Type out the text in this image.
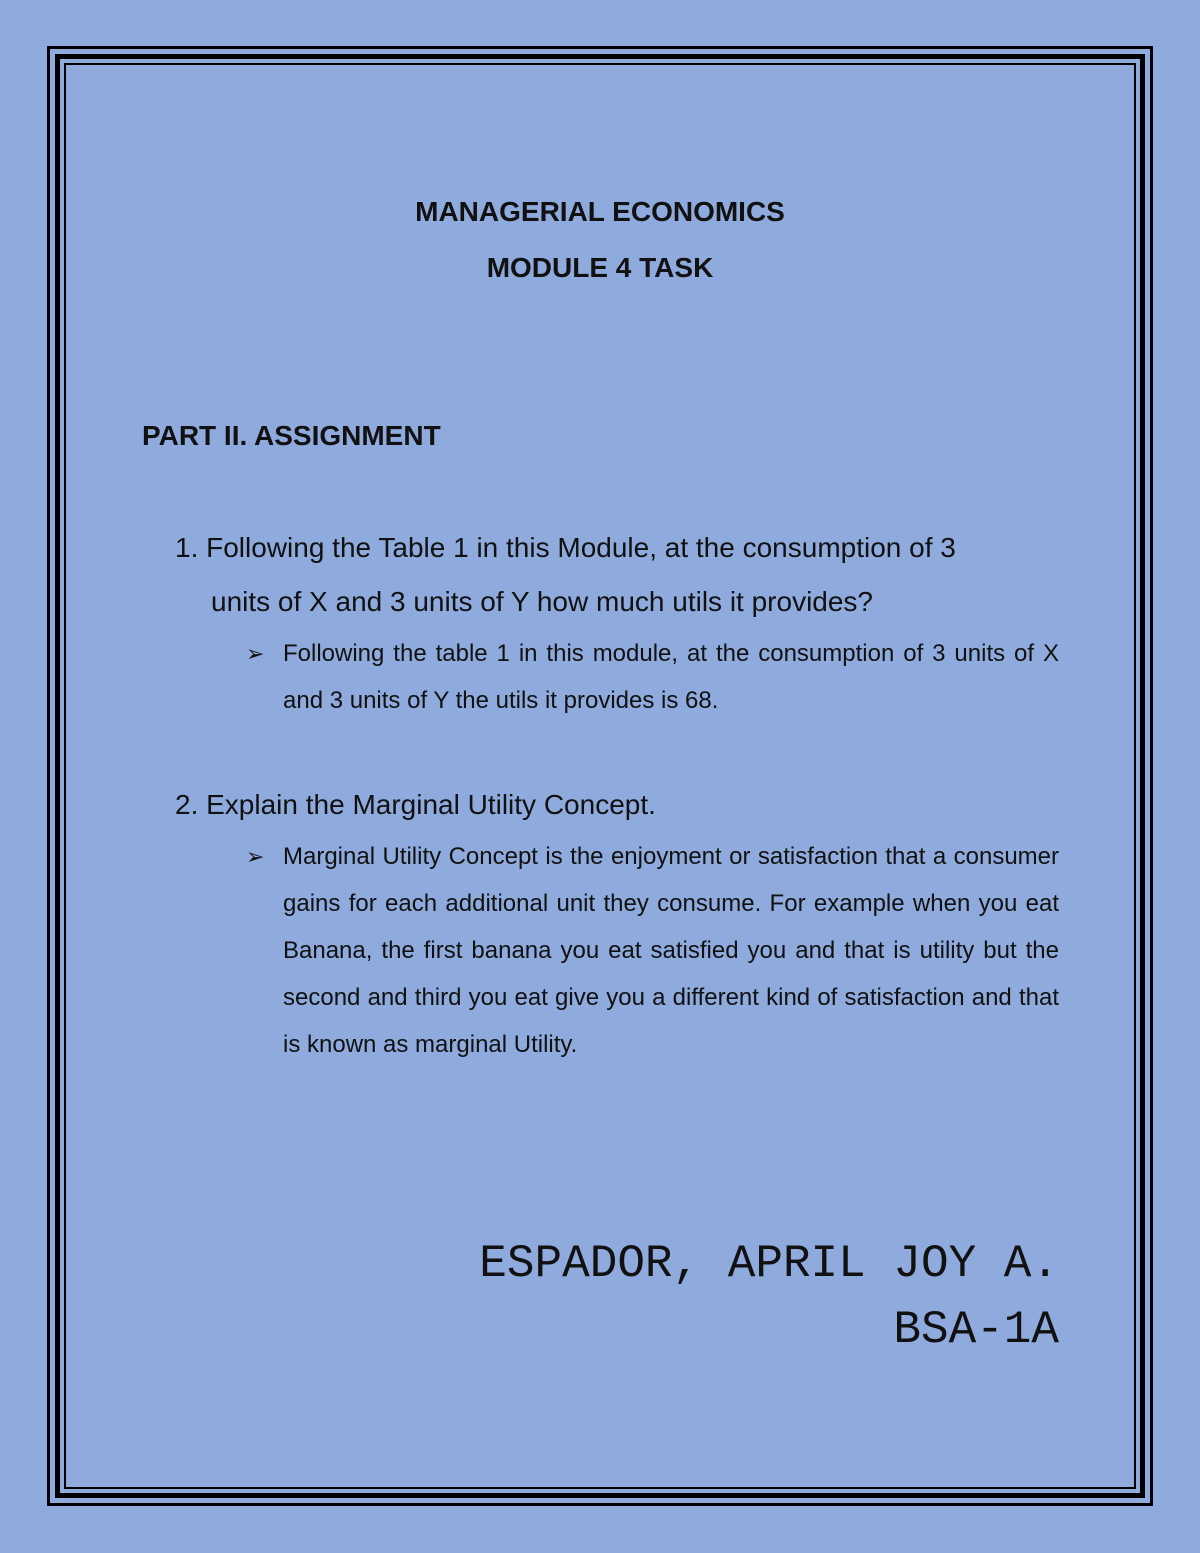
MANAGERIAL ECONOMICS
MODULE 4 TASK
PART II. ASSIGNMENT

1. Following the Table 1 in this Module, at the consumption of 3

units of X and 3 units of Y how much utils it provides?

➢ Following the table 1 in this module, at the consumption of 3 units of X and 3 units of Y the utils it provides is 68.

2. Explain the Marginal Utility Concept.

➢ Marginal Utility Concept is the enjoyment or satisfaction that a consumer gains for each additional unit they consume. For example when you eat Banana, the first banana you eat satisfied you and that is utility but the second and third you eat give you a different kind of satisfaction and that is known as marginal Utility.

ESPADOR, APRIL JOY A.

BSA-1A
